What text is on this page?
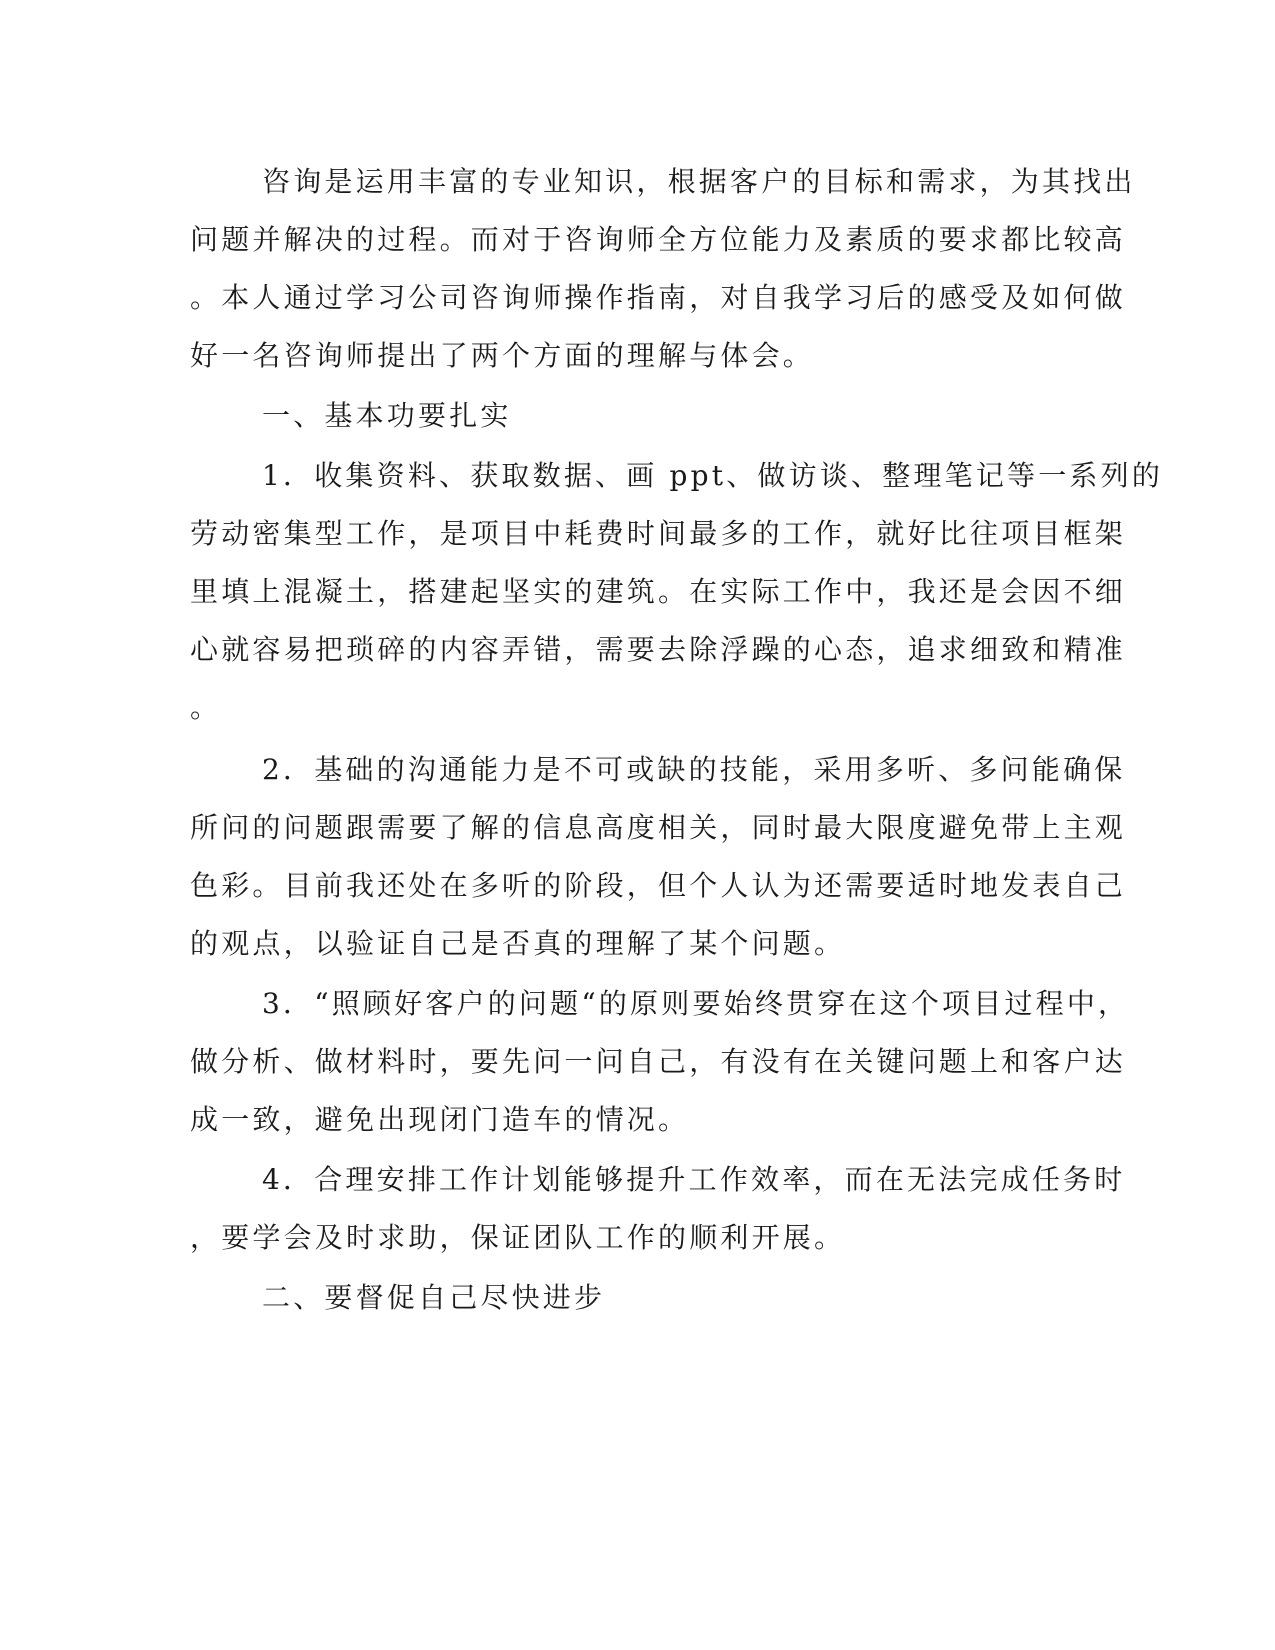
咨询是运用丰富的专业知识，根据客户的目标和需求，为其找出
问题并解决的过程。而对于咨询师全方位能力及素质的要求都比较高
。本人通过学习公司咨询师操作指南，对自我学习后的感受及如何做
好一名咨询师提出了两个方面的理解与体会。
一、基本功要扎实
1．收集资料、获取数据、画 ppt、做访谈、整理笔记等一系列的
劳动密集型工作，是项目中耗费时间最多的工作，就好比往项目框架
里填上混凝土，搭建起坚实的建筑。在实际工作中，我还是会因不细
心就容易把琐碎的内容弄错，需要去除浮躁的心态，追求细致和精准
。
2．基础的沟通能力是不可或缺的技能，采用多听、多问能确保
所问的问题跟需要了解的信息高度相关，同时最大限度避免带上主观
色彩。目前我还处在多听的阶段，但个人认为还需要适时地发表自己
的观点，以验证自己是否真的理解了某个问题。
3．“照顾好客户的问题“的原则要始终贯穿在这个项目过程中，
做分析、做材料时，要先问一问自己，有没有在关键问题上和客户达
成一致，避免出现闭门造车的情况。
4．合理安排工作计划能够提升工作效率，而在无法完成任务时
，要学会及时求助，保证团队工作的顺利开展。
二、要督促自己尽快进步
